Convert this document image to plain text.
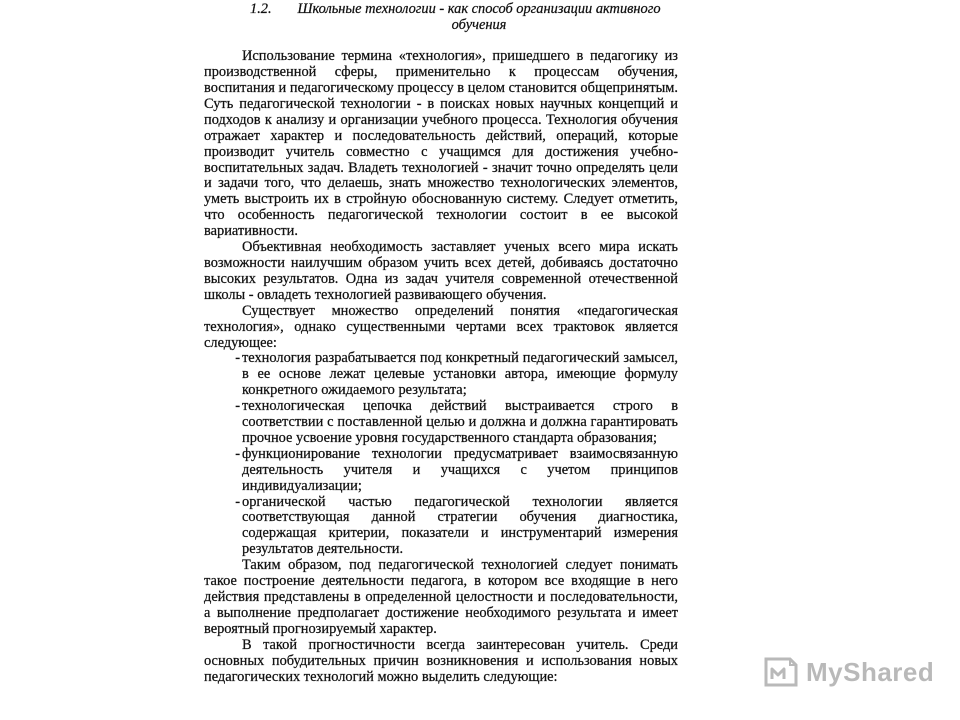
1.2.	Школьные технологии - как способ организации активного обучения

Использование термина «технология», пришедшего в педагогику из производственной сферы, применительно к процессам обучения, воспитания и педагогическому процессу в целом становится общепринятым. Суть педагогической технологии - в поисках новых научных концепций и подходов к анализу и организации учебного процесса. Технология обучения отражает характер и последовательность действий, операций, которые производит учитель совместно с учащимся для достижения учебно-воспитательных задач. Владеть технологией - значит точно определять цели и задачи того, что делаешь, знать множество технологических элементов, уметь выстроить их в стройную обоснованную систему. Следует отметить, что особенность педагогической технологии состоит в ее высокой вариативности.

Объективная необходимость заставляет ученых всего мира искать возможности наилучшим образом учить всех детей, добиваясь достаточно высоких результатов. Одна из задач учителя современной отечественной школы - овладеть технологией развивающего обучения.

Существует множество определений понятия «педагогическая технология», однако существенными чертами всех трактовок является следующее:

- технология разрабатывается под конкретный педагогический замысел, в ее основе лежат целевые установки автора, имеющие формулу конкретного ожидаемого результата;
- технологическая цепочка действий выстраивается строго в соответствии с поставленной целью и должна и должна гарантировать прочное усвоение уровня государственного стандарта образования;
- функционирование технологии предусматривает взаимосвязанную деятельность учителя и учащихся с учетом принципов индивидуализации;
- органической частью педагогической технологии является соответствующая данной стратегии обучения диагностика, содержащая критерии, показатели и инструментарий измерения результатов деятельности.

Таким образом, под педагогической технологией следует понимать такое построение деятельности педагога, в котором все входящие в него действия представлены в определенной целостности и последовательности, а выполнение предполагает достижение необходимого результата и имеет вероятный прогнозируемый характер.

В такой прогностичности всегда заинтересован учитель. Среди основных побудительных причин возникновения и использования новых педагогических технологий можно выделить следующие:	MyShared
